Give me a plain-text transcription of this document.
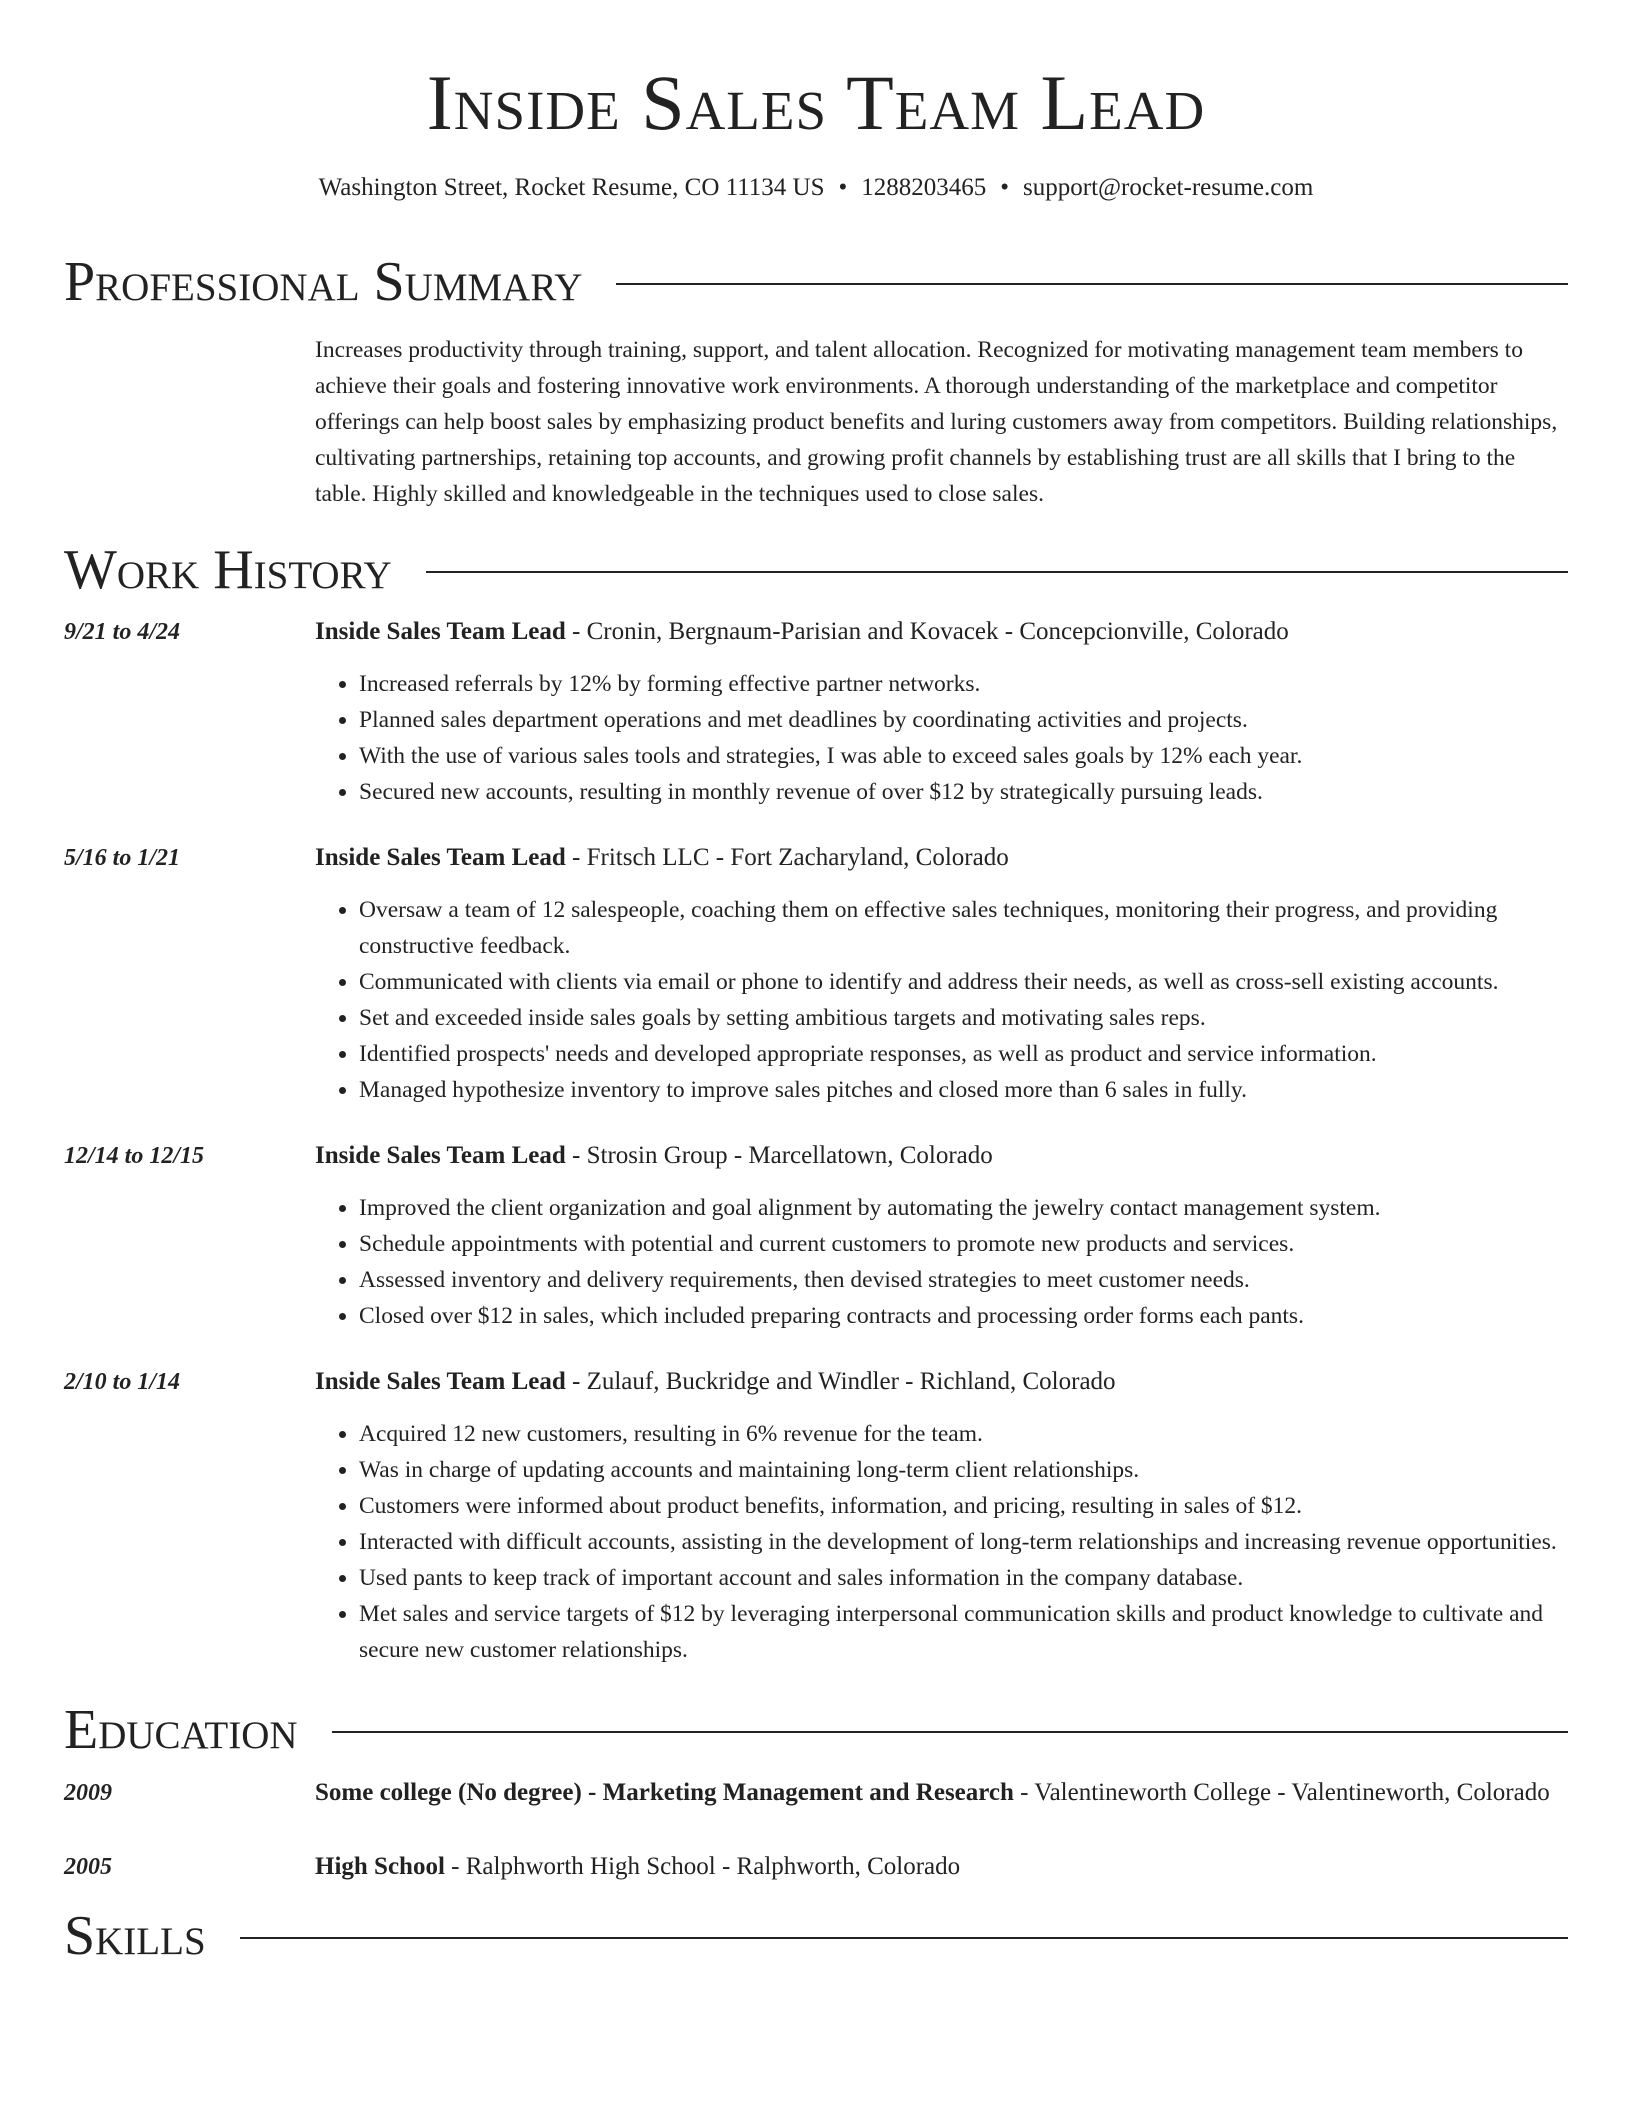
Inside Sales Team Lead
Washington Street, Rocket Resume, CO 11134 US • 1288203465 • support@rocket-resume.com
Professional Summary
Increases productivity through training, support, and talent allocation. Recognized for motivating management team members to achieve their goals and fostering innovative work environments. A thorough understanding of the marketplace and competitor offerings can help boost sales by emphasizing product benefits and luring customers away from competitors. Building relationships, cultivating partnerships, retaining top accounts, and growing profit channels by establishing trust are all skills that I bring to the table. Highly skilled and knowledgeable in the techniques used to close sales.
Work History
9/21 to 4/24	Inside Sales Team Lead - Cronin, Bergnaum-Parisian and Kovacek - Concepcionville, Colorado
• Increased referrals by 12% by forming effective partner networks.
• Planned sales department operations and met deadlines by coordinating activities and projects.
• With the use of various sales tools and strategies, I was able to exceed sales goals by 12% each year.
• Secured new accounts, resulting in monthly revenue of over $12 by strategically pursuing leads.
5/16 to 1/21	Inside Sales Team Lead - Fritsch LLC - Fort Zacharyland, Colorado
• Oversaw a team of 12 salespeople, coaching them on effective sales techniques, monitoring their progress, and providing constructive feedback.
• Communicated with clients via email or phone to identify and address their needs, as well as cross-sell existing accounts.
• Set and exceeded inside sales goals by setting ambitious targets and motivating sales reps.
• Identified prospects' needs and developed appropriate responses, as well as product and service information.
• Managed hypothesize inventory to improve sales pitches and closed more than 6 sales in fully.
12/14 to 12/15	Inside Sales Team Lead - Strosin Group - Marcellatown, Colorado
• Improved the client organization and goal alignment by automating the jewelry contact management system.
• Schedule appointments with potential and current customers to promote new products and services.
• Assessed inventory and delivery requirements, then devised strategies to meet customer needs.
• Closed over $12 in sales, which included preparing contracts and processing order forms each pants.
2/10 to 1/14	Inside Sales Team Lead - Zulauf, Buckridge and Windler - Richland, Colorado
• Acquired 12 new customers, resulting in 6% revenue for the team.
• Was in charge of updating accounts and maintaining long-term client relationships.
• Customers were informed about product benefits, information, and pricing, resulting in sales of $12.
• Interacted with difficult accounts, assisting in the development of long-term relationships and increasing revenue opportunities.
• Used pants to keep track of important account and sales information in the company database.
• Met sales and service targets of $12 by leveraging interpersonal communication skills and product knowledge to cultivate and secure new customer relationships.
Education
2009	Some college (No degree) - Marketing Management and Research - Valentineworth College - Valentineworth, Colorado
2005	High School - Ralphworth High School - Ralphworth, Colorado
Skills
